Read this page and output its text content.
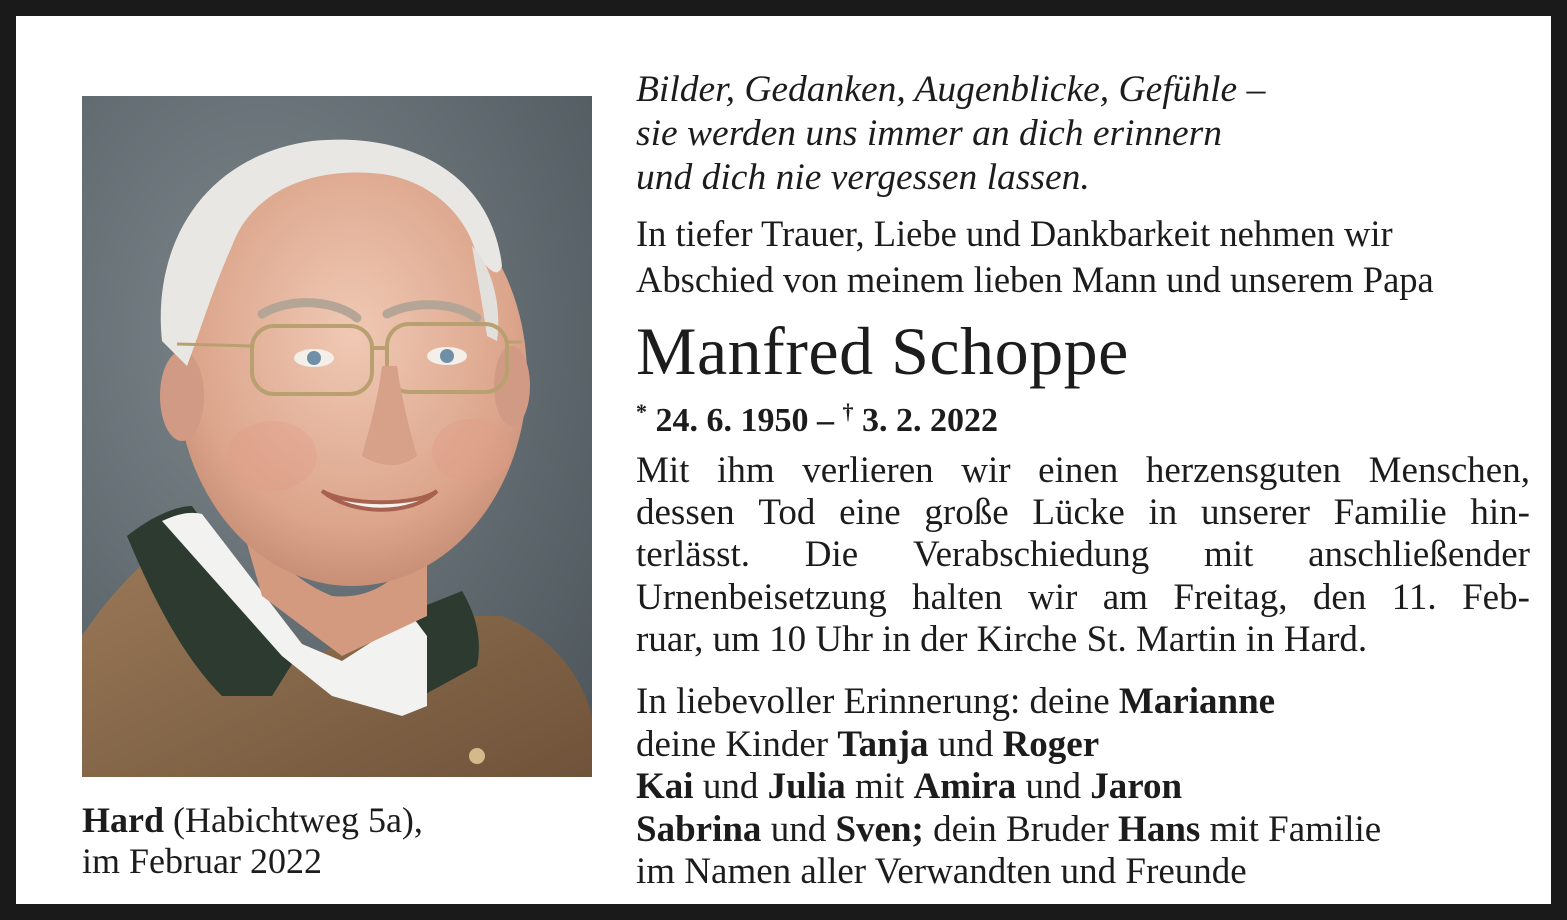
Hard (Habichtweg 5a),
im Februar 2022
Bilder, Gedanken, Augenblicke, Gefühle –
sie werden uns immer an dich erinnern
und dich nie vergessen lassen.
In tiefer Trauer, Liebe und Dankbarkeit nehmen wir
Abschied von meinem lieben Mann und unserem Papa
Manfred Schoppe
* 24. 6. 1950 – † 3. 2. 2022
Mit ihm verlieren wir einen herzensguten Menschen,
dessen Tod eine große Lücke in unserer Familie hin-
terlässt. Die Verabschiedung mit anschließender
Urnenbeisetzung halten wir am Freitag, den 11. Feb-
ruar, um 10 Uhr in der Kirche St. Martin in Hard.
In liebevoller Erinnerung: deine Marianne
deine Kinder Tanja und Roger
Kai und Julia mit Amira und Jaron
Sabrina und Sven; dein Bruder Hans mit Familie
im Namen aller Verwandten und Freunde
